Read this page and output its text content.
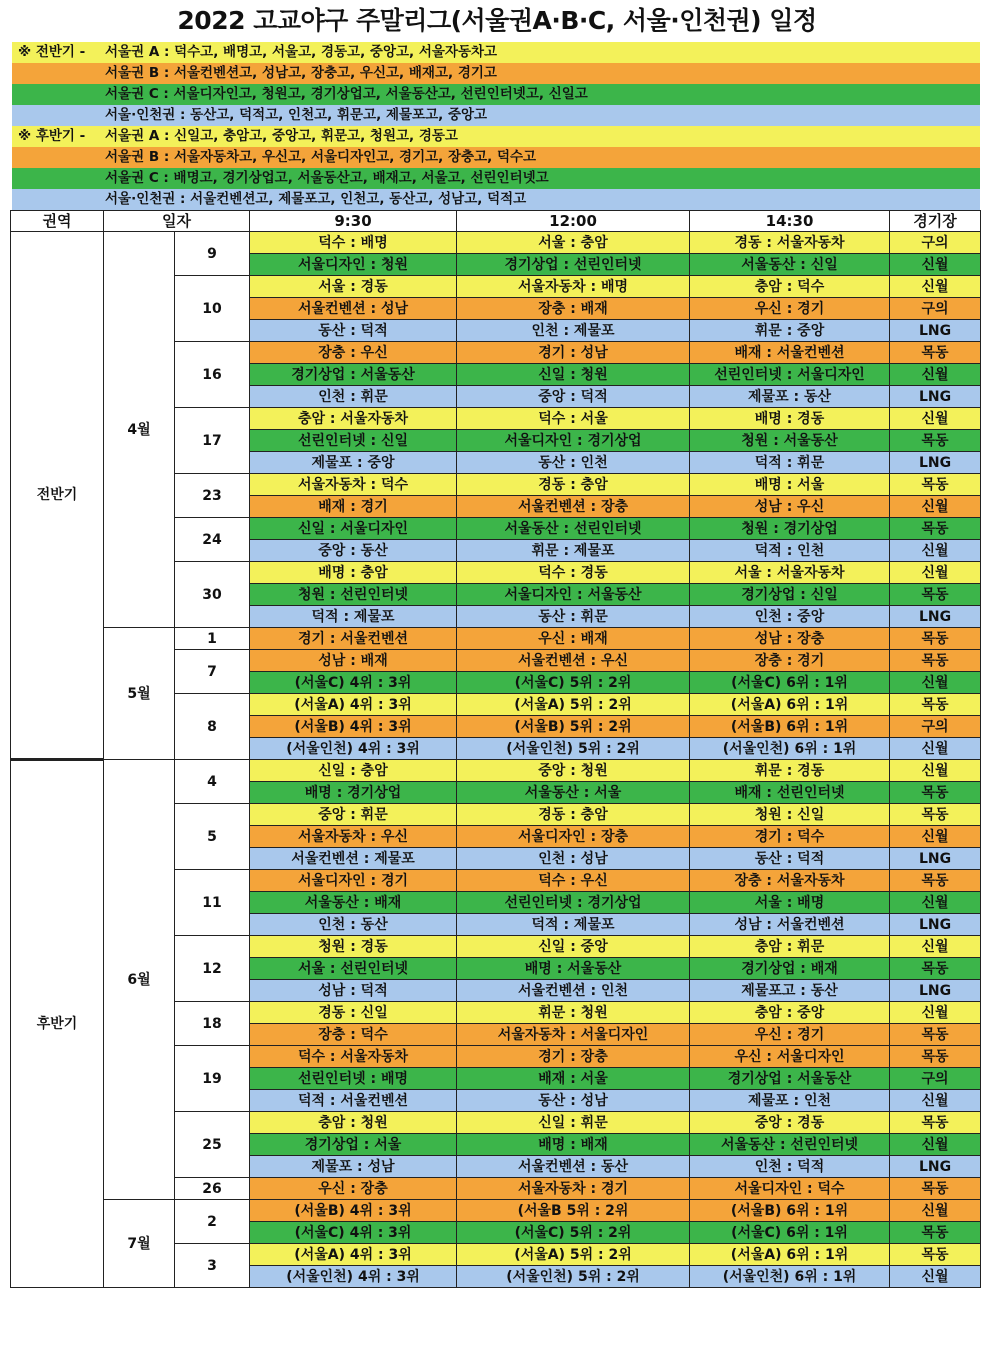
2022 고교야구 주말리그(서울권A·B·C, 서울·인천권) 일정
※ 전반기 - 서울권 A : 덕수고, 배명고, 서울고, 경동고, 중앙고, 서울자동차고
서울권 B : 서울컨벤션고, 성남고, 장충고, 우신고, 배재고, 경기고
서울권 C : 서울디자인고, 청원고, 경기상업고, 서울동산고, 선린인터넷고, 신일고
서울·인천권 : 동산고, 덕적고, 인천고, 휘문고, 제물포고, 중앙고
※ 후반기 - 서울권 A : 신일고, 충암고, 중앙고, 휘문고, 청원고, 경동고
서울권 B : 서울자동차고, 우신고, 서울디자인고, 경기고, 장충고, 덕수고
서울권 C : 배명고, 경기상업고, 서울동산고, 배재고, 서울고, 선린인터넷고
서울·인천권 : 서울컨벤션고, 제물포고, 인천고, 동산고, 성남고, 덕적고
권역	일자		9:30	12:00	14:30	경기장
전반기	4월	9	덕수 : 배명	서울 : 충암	경동 : 서울자동차	구의
			서울디자인 : 청원	경기상업 : 선린인터넷	서울동산 : 신일	신월
		10	서울 : 경동	서울자동차 : 배명	충암 : 덕수	신월
			서울컨벤션 : 성남	장충 : 배재	우신 : 경기	구의
			동산 : 덕적	인천 : 제물포	휘문 : 중앙	LNG
		16	장충 : 우신	경기 : 성남	배재 : 서울컨벤션	목동
			경기상업 : 서울동산	신일 : 청원	선린인터넷 : 서울디자인	신월
			인천 : 휘문	중앙 : 덕적	제물포 : 동산	LNG
		17	충암 : 서울자동차	덕수 : 서울	배명 : 경동	신월
			선린인터넷 : 신일	서울디자인 : 경기상업	청원 : 서울동산	목동
			제물포 : 중앙	동산 : 인천	덕적 : 휘문	LNG
		23	서울자동차 : 덕수	경동 : 충암	배명 : 서울	목동
			배재 : 경기	서울컨벤션 : 장충	성남 : 우신	신월
		24	신일 : 서울디자인	서울동산 : 선린인터넷	청원 : 경기상업	목동
			중앙 : 동산	휘문 : 제물포	덕적 : 인천	신월
		30	배명 : 충암	덕수 : 경동	서울 : 서울자동차	신월
			청원 : 선린인터넷	서울디자인 : 서울동산	경기상업 : 신일	목동
			덕적 : 제물포	동산 : 휘문	인천 : 중앙	LNG
	5월	1	경기 : 서울컨벤션	우신 : 배재	성남 : 장충	목동
		7	성남 : 배재	서울컨벤션 : 우신	장충 : 경기	목동
			(서울C) 4위 : 3위	(서울C) 5위 : 2위	(서울C) 6위 : 1위	신월
		8	(서울A) 4위 : 3위	(서울A) 5위 : 2위	(서울A) 6위 : 1위	목동
			(서울B) 4위 : 3위	(서울B) 5위 : 2위	(서울B) 6위 : 1위	구의
			(서울인천) 4위 : 3위	(서울인천) 5위 : 2위	(서울인천) 6위 : 1위	신월
후반기	6월	4	신일 : 충암	중앙 : 청원	휘문 : 경동	신월
			배명 : 경기상업	서울동산 : 서울	배재 : 선린인터넷	목동
		5	중앙 : 휘문	경동 : 충암	청원 : 신일	목동
			서울자동차 : 우신	서울디자인 : 장충	경기 : 덕수	신월
			서울컨벤션 : 제물포	인천 : 성남	동산 : 덕적	LNG
		11	서울디자인 : 경기	덕수 : 우신	장충 : 서울자동차	목동
			서울동산 : 배재	선린인터넷 : 경기상업	서울 : 배명	신월
			인천 : 동산	덕적 : 제물포	성남 : 서울컨벤션	LNG
		12	청원 : 경동	신일 : 중앙	충암 : 휘문	신월
			서울 : 선린인터넷	배명 : 서울동산	경기상업 : 배재	목동
			성남 : 덕적	서울컨벤션 : 인천	제물포고 : 동산	LNG
		18	경동 : 신일	휘문 : 청원	충암 : 중앙	신월
			장충 : 덕수	서울자동차 : 서울디자인	우신 : 경기	목동
		19	덕수 : 서울자동차	경기 : 장충	우신 : 서울디자인	목동
			선린인터넷 : 배명	배재 : 서울	경기상업 : 서울동산	구의
			덕적 : 서울컨벤션	동산 : 성남	제물포 : 인천	신월
		25	충암 : 청원	신일 : 휘문	중앙 : 경동	목동
			경기상업 : 서울	배명 : 배재	서울동산 : 선린인터넷	신월
			제물포 : 성남	서울컨벤션 : 동산	인천 : 덕적	LNG
		26	우신 : 장충	서울자동차 : 경기	서울디자인 : 덕수	목동
	7월	2	(서울B) 4위 : 3위	(서울B 5위 : 2위	(서울B) 6위 : 1위	신월
			(서울C) 4위 : 3위	(서울C) 5위 : 2위	(서울C) 6위 : 1위	목동
		3	(서울A) 4위 : 3위	(서울A) 5위 : 2위	(서울A) 6위 : 1위	목동
			(서울인천) 4위 : 3위	(서울인천) 5위 : 2위	(서울인천) 6위 : 1위	신월
